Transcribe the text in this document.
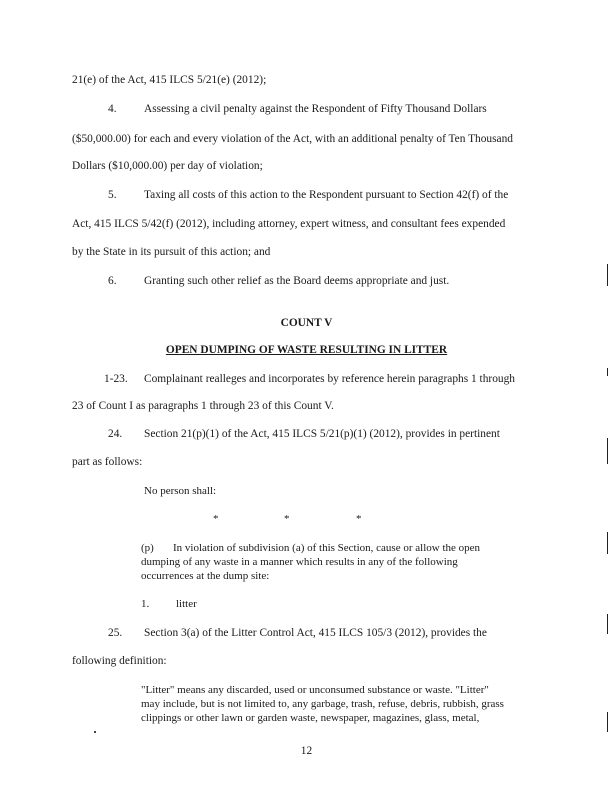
21(e) of the Act, 415 ILCS 5/21(e) (2012);
4. Assessing a civil penalty against the Respondent of Fifty Thousand Dollars
($50,000.00) for each and every violation of the Act, with an additional penalty of Ten Thousand
Dollars ($10,000.00) per day of violation;
5. Taxing all costs of this action to the Respondent pursuant to Section 42(f) of the
Act, 415 ILCS 5/42(f) (2012), including attorney, expert witness, and consultant fees expended
by the State in its pursuit of this action; and
6. Granting such other relief as the Board deems appropriate and just.
COUNT V
OPEN DUMPING OF WASTE RESULTING IN LITTER
1-23. Complainant realleges and incorporates by reference herein paragraphs 1 through
23 of Count I as paragraphs 1 through 23 of this Count V.
24. Section 21(p)(1) of the Act, 415 ILCS 5/21(p)(1) (2012), provides in pertinent
part as follows:
No person shall:
*	*	*
(p) In violation of subdivision (a) of this Section, cause or allow the open
dumping of any waste in a manner which results in any of the following
occurrences at the dump site:
1. litter
25. Section 3(a) of the Litter Control Act, 415 ILCS 105/3 (2012), provides the
following definition:
"Litter" means any discarded, used or unconsumed substance or waste. "Litter"
may include, but is not limited to, any garbage, trash, refuse, debris, rubbish, grass
clippings or other lawn or garden waste, newspaper, magazines, glass, metal,
12
